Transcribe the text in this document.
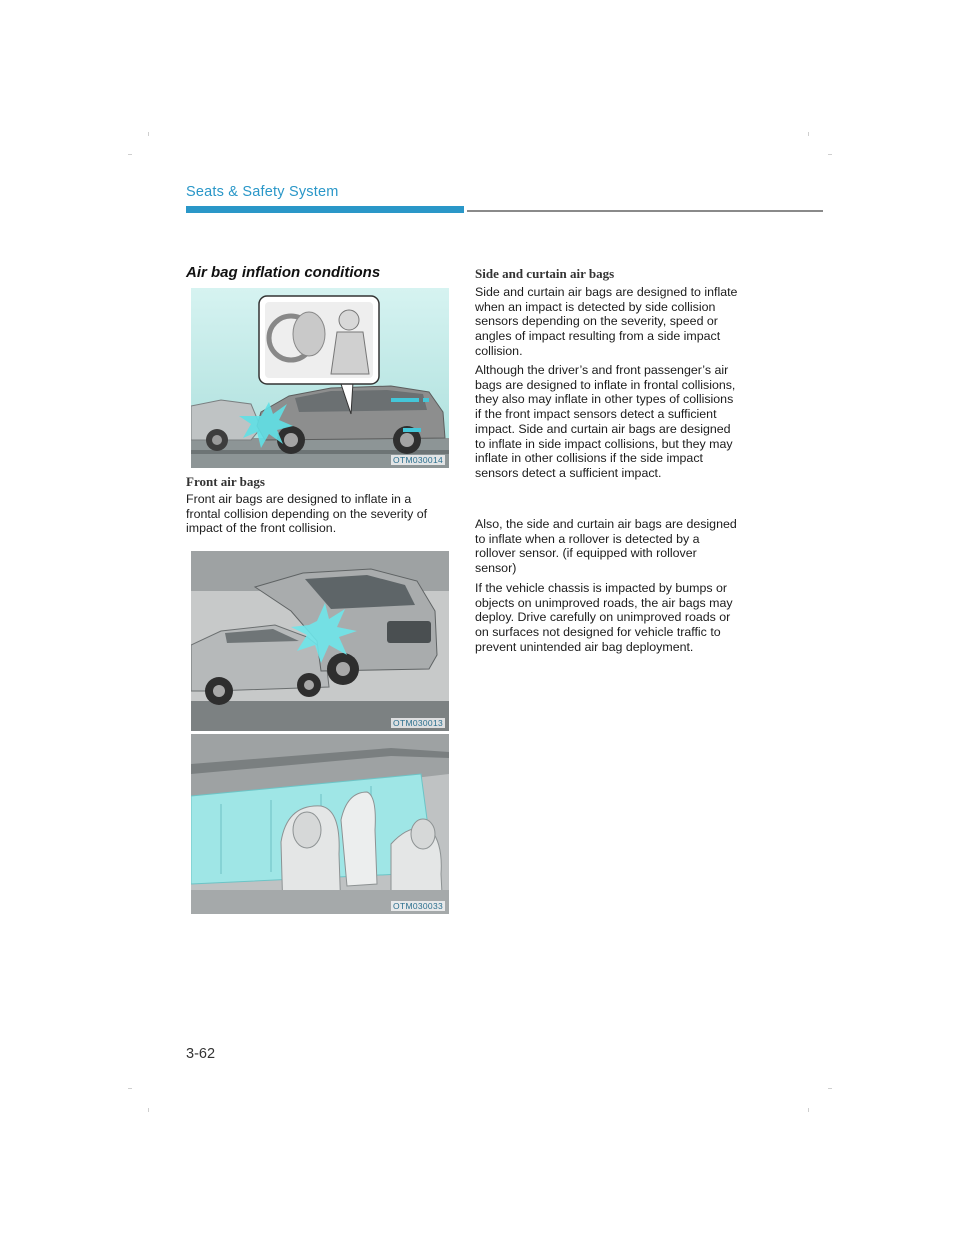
Seats & Safety System
Air bag inflation conditions
OTM030014
Front air bags
Front air bags are designed to inflate in a frontal collision depending on the severity of impact of the front collision.
OTM030013
OTM030033
Side and curtain air bags
Side and curtain air bags are designed to inflate when an impact is detected by side collision sensors depending on the severity, speed or angles of impact resulting from a side impact collision.
Although the driver’s and front passenger’s air bags are designed to inflate in frontal collisions, they also may inflate in other types of collisions if the front impact sensors detect a sufficient impact. Side and curtain air bags are designed to inflate in side impact collisions, but they may inflate in other collisions if the side impact sensors detect a sufficient impact.
Also, the side and curtain air bags are designed to inflate when a rollover is detected by a rollover sensor. (if equipped with rollover sensor)
If the vehicle chassis is impacted by bumps or objects on unimproved roads, the air bags may deploy. Drive carefully on unimproved roads or on surfaces not designed for vehicle traffic to prevent unintended air bag deployment.
3-62
